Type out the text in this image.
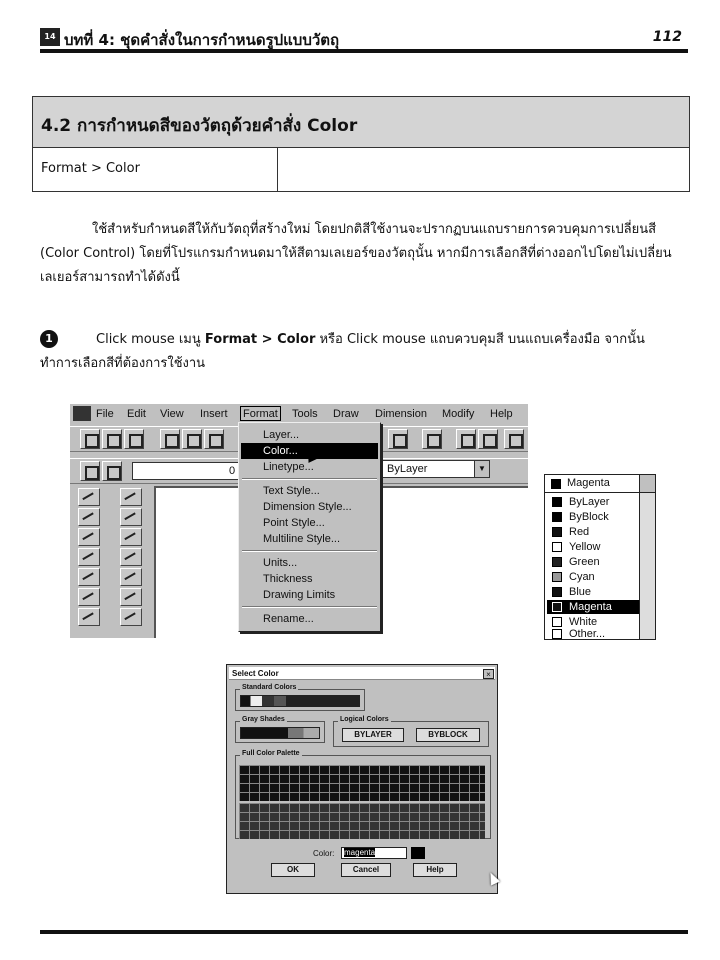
14 บทที่ 4: ชุดคำสั่งในการกำหนดรูปแบบวัตถุ	112
4.2 การกำหนดสีของวัตถุด้วยคำสั่ง Color
Format > Color
ใช้สำหรับกำหนดสีให้กับวัตถุที่สร้างใหม่ โดยปกติสีใช้งานจะปรากฏบนแถบรายการควบคุมการเปลี่ยนสี (Color Control) โดยที่โปรแกรมกำหนดมาให้สีตามเลเยอร์ของวัตถุนั้น หากมีการเลือกสีที่ต่างออกไปโดยไม่เปลี่ยนเลเยอร์สามารถทำได้ดังนี้
1	Click mouse เมนู Format > Color หรือ Click mouse แถบควบคุมสี บนแถบเครื่องมือ จากนั้นทำการเลือกสีที่ต้องการใช้งาน
File Edit View Insert Format Tools Draw Dimension Modify Help
0	ByLayer	▼
Layer...
Color...
Linetype...
Text Style...
Dimension Style...
Point Style...
Multiline Style...
Units...
Thickness
Drawing Limits
Rename...
Magenta
ByLayer
ByBlock
Red
Yellow
Green
Cyan
Blue
Magenta
White
Other...
Select Color	×
Standard Colors
Gray Shades	Logical Colors
BYLAYER	BYBLOCK
Full Color Palette
Color:	magenta
OK	Cancel	Help
